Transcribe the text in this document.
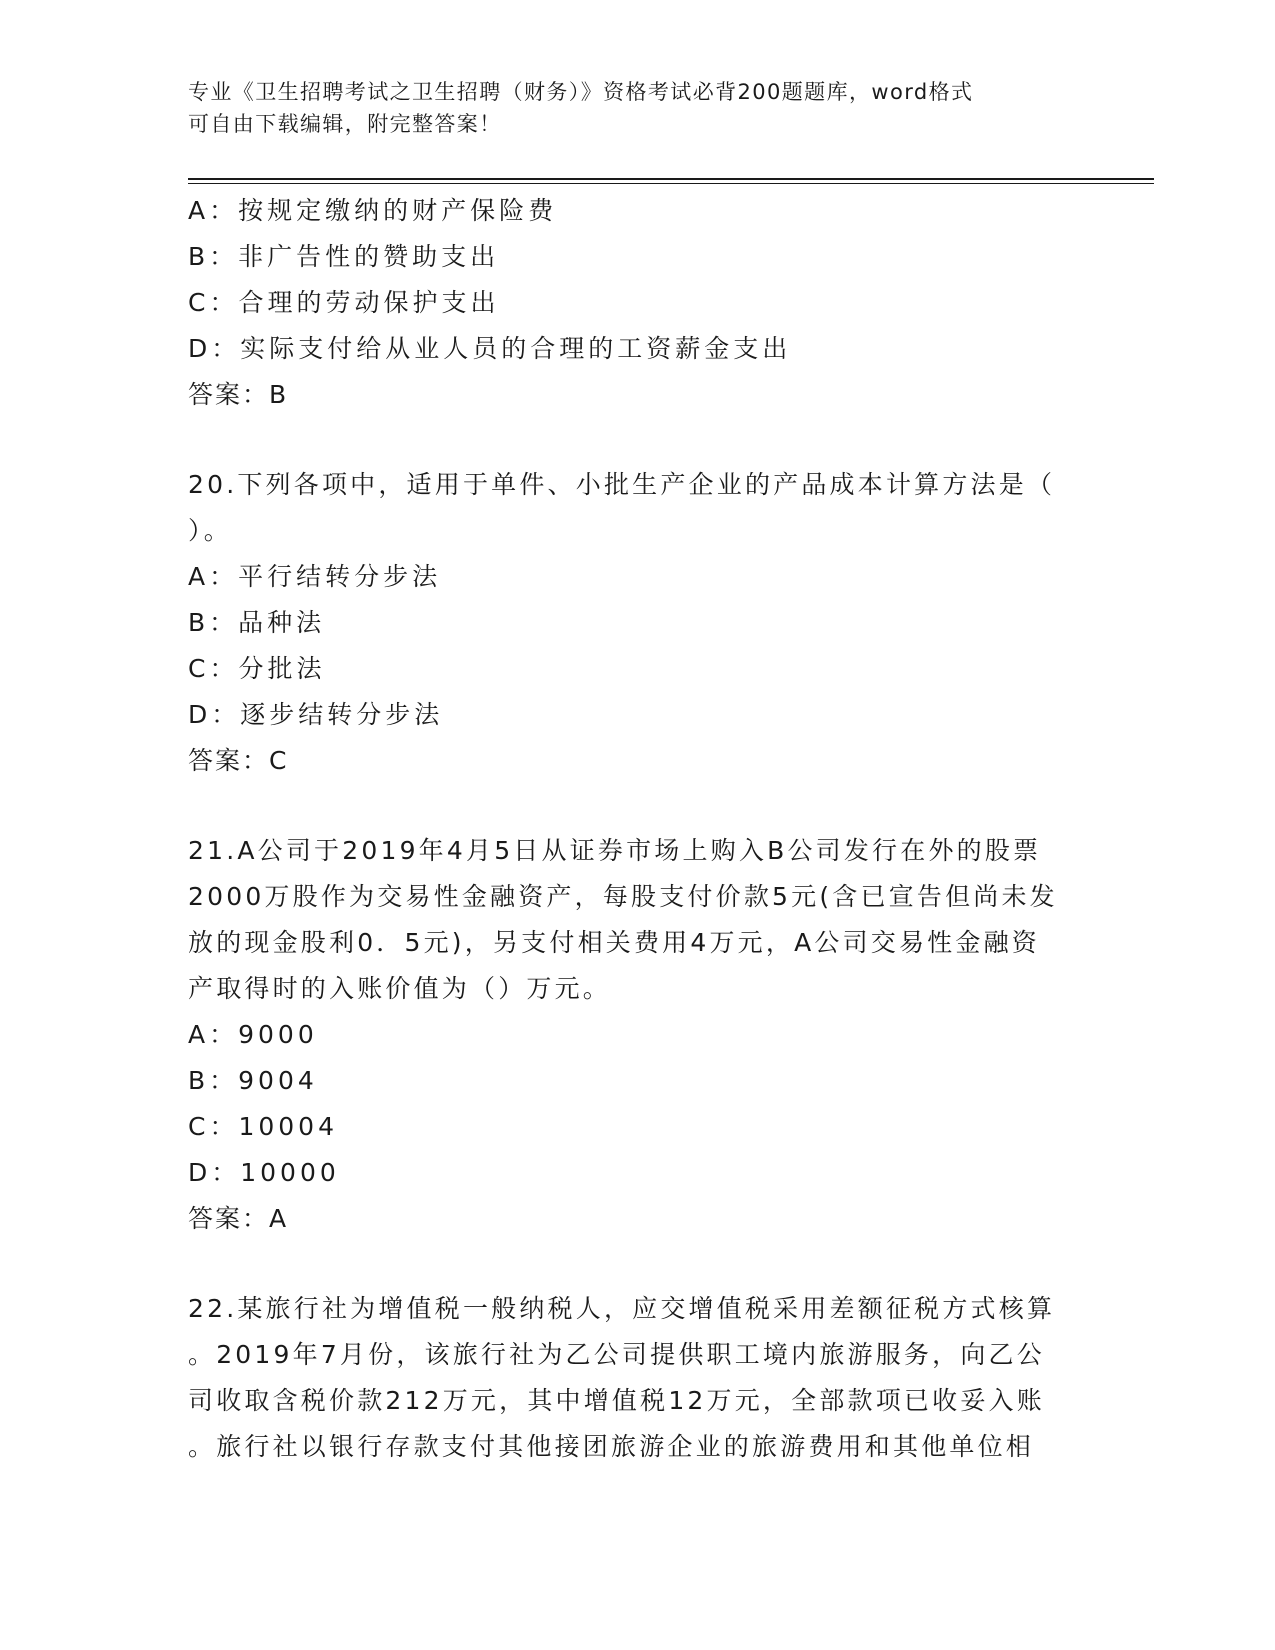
专业《卫生招聘考试之卫生招聘（财务）》资格考试必背200题题库，word格式
可自由下载编辑，附完整答案！
A：按规定缴纳的财产保险费
B：非广告性的赞助支出
C：合理的劳动保护支出
D：实际支付给从业人员的合理的工资薪金支出
答案：B
20.下列各项中，适用于单件、小批生产企业的产品成本计算方法是（
）。
A：平行结转分步法
B：品种法
C：分批法
D：逐步结转分步法
答案：C
21.A公司于2019年4月5日从证券市场上购入B公司发行在外的股票
2000万股作为交易性金融资产，每股支付价款5元(含已宣告但尚未发
放的现金股利0．5元)，另支付相关费用4万元，A公司交易性金融资
产取得时的入账价值为（）万元。
A：9000
B：9004
C：10004
D：10000
答案：A
22.某旅行社为增值税一般纳税人，应交增值税采用差额征税方式核算
。2019年7月份，该旅行社为乙公司提供职工境内旅游服务，向乙公
司收取含税价款212万元，其中增值税12万元，全部款项已收妥入账
。旅行社以银行存款支付其他接团旅游企业的旅游费用和其他单位相
